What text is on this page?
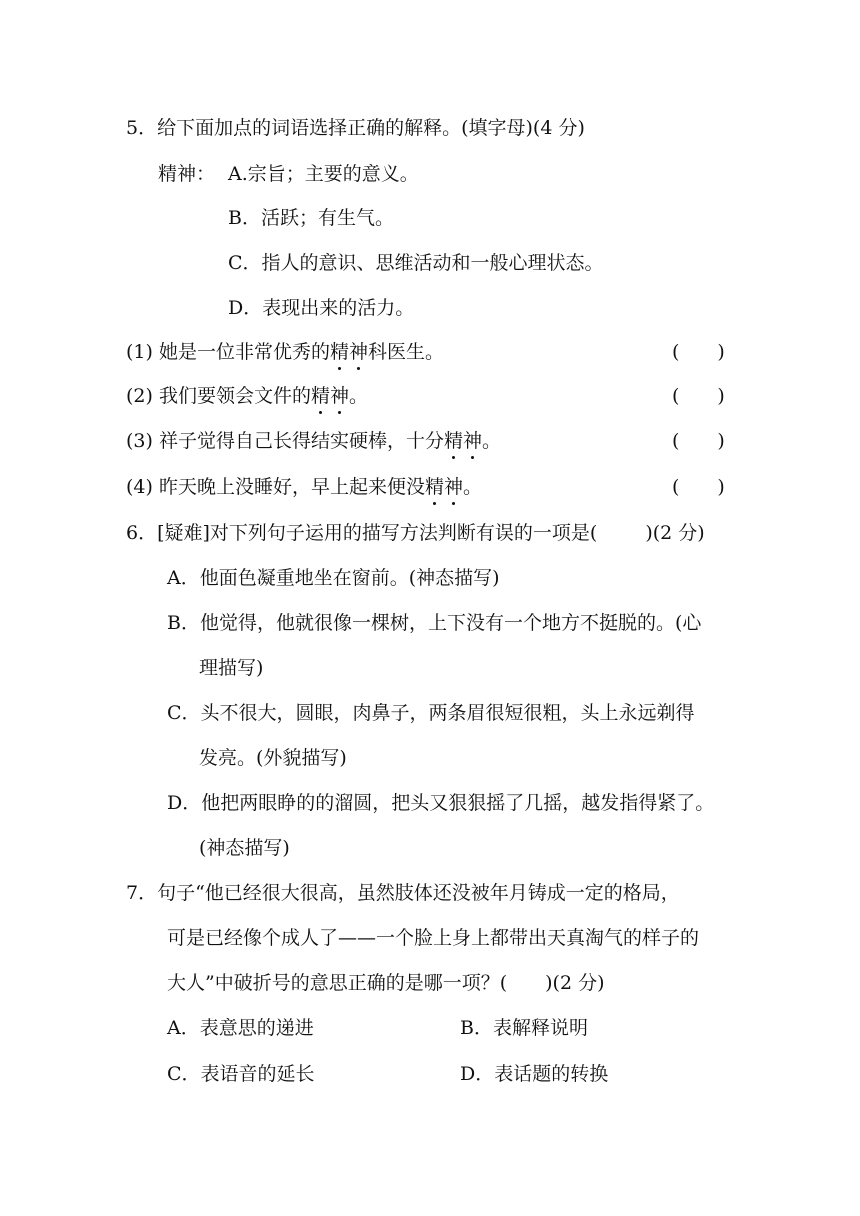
5．给下面加点的词语选择正确的解释。(填字母)(4 分)
精神： A.宗旨；主要的意义。
B．活跃；有生气。
C．指人的意识、思维活动和一般心理状态。
D．表现出来的活力。
(1) 她是一位非常优秀的精神科医生。	(　　)
(2) 我们要领会文件的精神。	(　　)
(3) 祥子觉得自己长得结实硬棒，十分精神。	(　　)
(4) 昨天晚上没睡好，早上起来便没精神。	(　　)
6．[疑难]对下列句子运用的描写方法判断有误的一项是(	)(2 分)
A．他面色凝重地坐在窗前。(神态描写)
B．他觉得，他就很像一棵树，上下没有一个地方不挺脱的。(心
理描写)
C．头不很大，圆眼，肉鼻子，两条眉很短很粗，头上永远剃得
发亮。(外貌描写)
D．他把两眼睁的的溜圆，把头又狠狠摇了几摇，越发指得紧了。
(神态描写)
7．句子“他已经很大很高，虽然肢体还没被年月铸成一定的格局，
可是已经像个成人了——一个脸上身上都带出天真淘气的样子的
大人”中破折号的意思正确的是哪一项？(　　)(2 分)
A．表意思的递进	B．表解释说明
C．表语音的延长	D．表话题的转换
